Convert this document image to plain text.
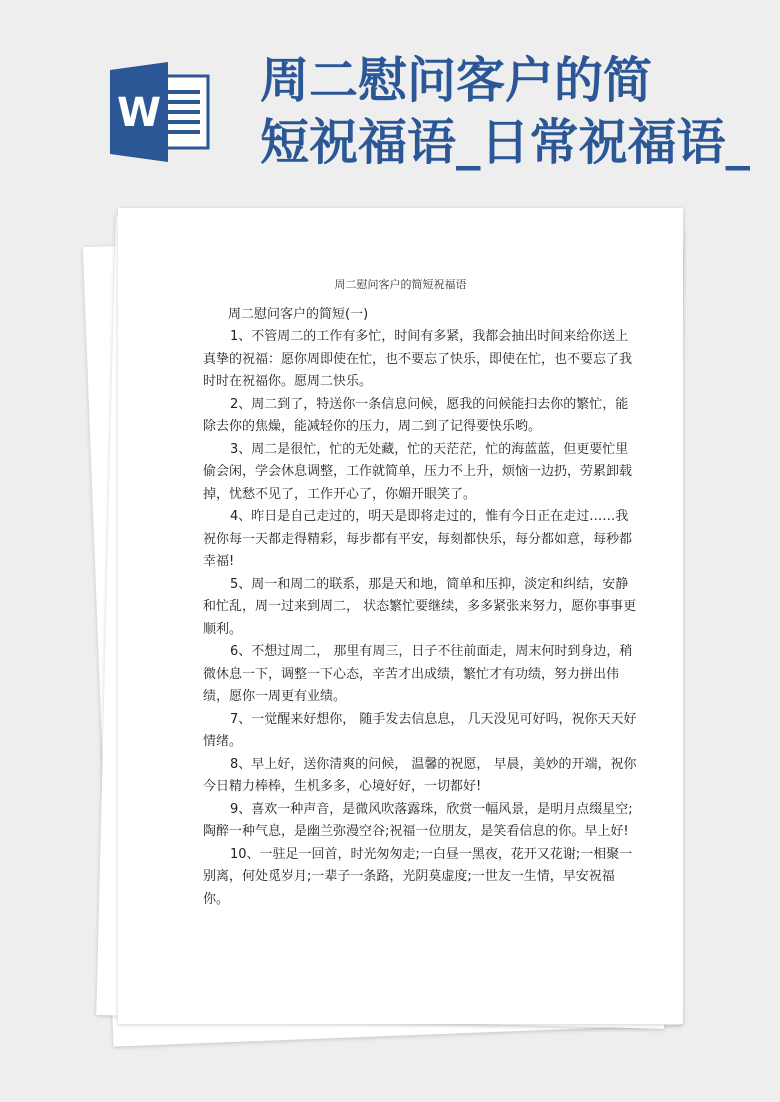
W
周二慰问客户的简
短祝福语_日常祝福语_
周二慰问客户的简短祝福语
周二慰问客户的简短(一)

1、不管周二的工作有多忙，时间有多紧，我都会抽出时间来给你送上真挚的祝福：愿你周即使在忙，也不要忘了快乐，即使在忙，也不要忘了我时时在祝福你。愿周二快乐。

2、周二到了，特送你一条信息问候，愿我的问候能扫去你的繁忙，能除去你的焦燥，能减轻你的压力，周二到了记得要快乐哟。

3、周二是很忙，忙的无处藏，忙的天茫茫，忙的海蓝蓝，但更要忙里偷会闲，学会休息调整，工作就简单，压力不上升，烦恼一边扔，劳累卸载掉，忧愁不见了，工作开心了，你媚开眼笑了。

4、昨日是自己走过的，明天是即将走过的，惟有今日正在走过……我祝你每一天都走得精彩，每步都有平安，每刻都快乐，每分都如意，每秒都幸福!

5、周一和周二的联系，那是天和地，简单和压抑，淡定和纠结，安静和忙乱，周一过来到周二， 状态繁忙要继续，多多紧张来努力，愿你事事更顺利。

6、不想过周二， 那里有周三，日子不往前面走，周末何时到身边，稍微休息一下，调整一下心态，辛苦才出成绩，繁忙才有功绩，努力拼出伟绩，愿你一周更有业绩。

7、一觉醒来好想你， 随手发去信息息， 几天没见可好吗，祝你天天好情绪。

8、早上好，送你清爽的问候， 温馨的祝愿， 早晨，美妙的开端，祝你今日精力棒棒，生机多多，心境好好，一切都好!

9、喜欢一种声音，是微风吹落露珠，欣赏一幅风景，是明月点缀星空;陶醉一种气息，是幽兰弥漫空谷;祝福一位朋友，是笑看信息的你。早上好!

10、一驻足一回首，时光匆匆走;一白昼一黑夜，花开又花谢;一相聚一别离，何处觅岁月;一辈子一条路，光阴莫虚度;一世友一生情，早安祝福你。
